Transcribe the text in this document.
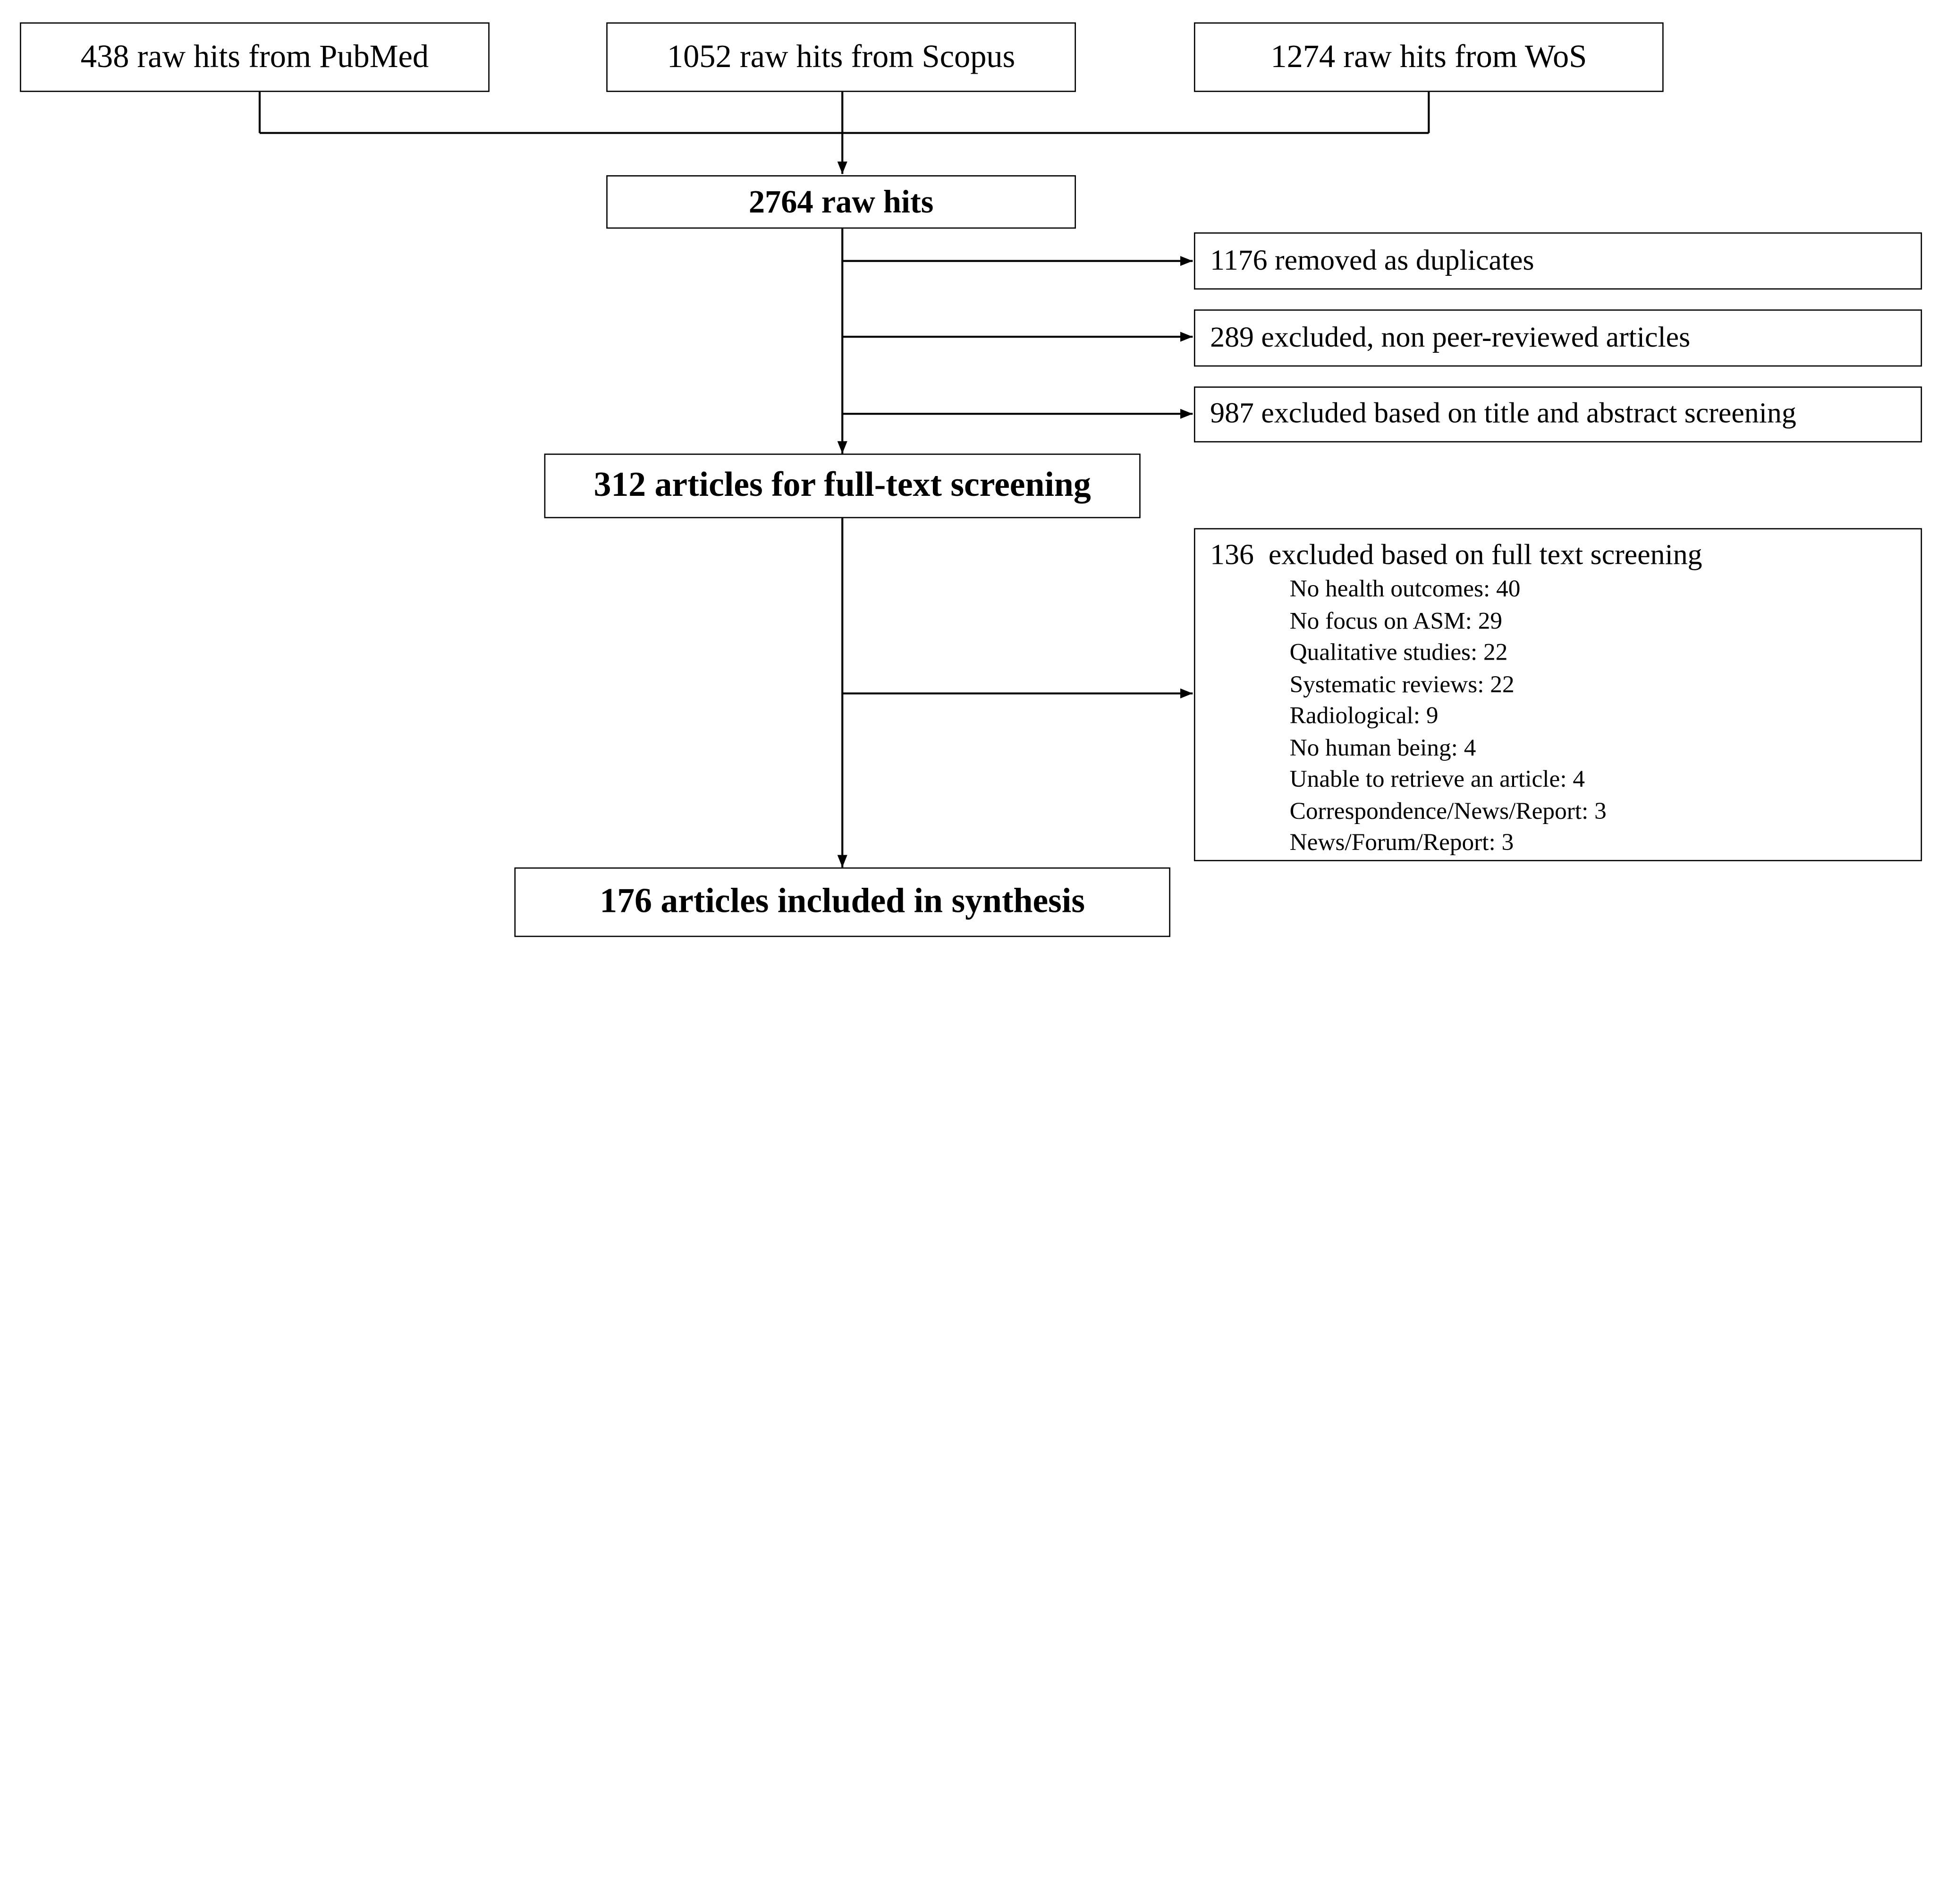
438 raw hits from PubMed	1052 raw hits from Scopus	1274 raw hits from WoS
2764 raw hits
1176 removed as duplicates
289 excluded, non peer-reviewed articles
987 excluded based on title and abstract screening
312 articles for full-text screening
136  excluded based on full text screening
No health outcomes: 40
No focus on ASM: 29
Qualitative studies: 22
Systematic reviews: 22
Radiological: 9
No human being: 4
Unable to retrieve an article: 4
Correspondence/News/Report: 3
News/Forum/Report: 3
176 articles included in synthesis
